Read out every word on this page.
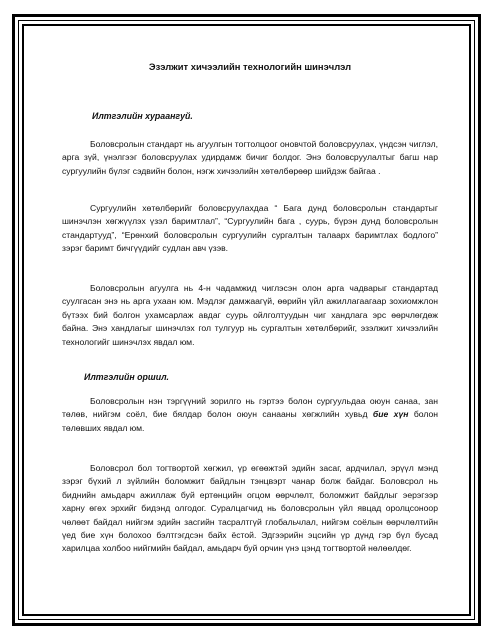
Эзэлжит хичээлийн технологийн шинэчлэл
Илтгэлийн хураангуй.

Боловсролын стандарт нь агуулгын тогтолцоог оновчтой боловсруулах, үндсэн чиглэл, арга зүй, үнэлгээг боловсруулах удирдамж бичиг болдог. Энэ боловсруулалтыг багш нар сургуулийн бүлэг сэдвийн болон, нэгж хичээлийн хөтөлбөрөөр шийдэж байгаа .

Сургуулийн хөтөлбөрийг боловсруулахдаа “ Бага дунд боловсролын стандартыг шинэчлэн хөгжүүлэх үзэл баримтлал”, “Сургуулийн бага , суурь, бүрэн дунд боловсролын стандартууд”, “Ерөнхий боловсролын сургуулийн сургалтын талаарх баримтлах бодлого” зэрэг баримт бичгүүдийг судлан авч үзэв.

Боловсролын агуулга нь 4-н чадамжид чиглэсэн олон арга чадварыг стандартад суулгасан энэ нь арга ухаан юм. Мэдлэг дамжаагүй, өөрийн үйл ажиллагаагаар зохиомжлон бүтээх бий болгон ухамсарлаж авдаг суурь ойлголтуудын чиг хандлага эрс өөрчлөгдөж байна. Энэ хандлагыг шинэчлэх гол тулгуур нь сургалтын хөтөлбөрийг, эзэлжит хичээлийн технологийг шинэчлэх явдал юм.

Илтгэлийн оршил.

Боловсролын нэн тэргүүний зорилго нь гэртээ болон сургуульдаа оюун санаа, зан төлөв, нийгэм соёл, бие бялдар болон оюун санааны хөгжлийн хувьд бие хүн болон төлөвших явдал юм.

Боловсрол бол тогтвортой хөгжил, үр өгөөжтэй эдийн засаг, ардчилал, эрүүл мэнд зэрэг бүхий л зүйлийн боломжит байдлын тэнцвэрт чанар болж байдаг. Боловсрол нь биднийн амьдарч ажиллаж буй ертөнцийн огцом өөрчлөлт, боломжит байдлыг эерэгээр харну өгөх эрхийг бидэнд олгодог. Суралцагчид нь боловсролын үйл явцад оролцсоноор чөлөөт байдал нийгэм эдийн засгийн тасралтгүй глобальчлал, нийгэм соёлын өөрчлөлтийн үед бие хүн болохоо бэлтгэгдсэн байх ёстой. Эдгээрийн эцсийн үр дүнд гэр бүл бусад харилцаа холбоо нийгмийн байдал, амьдарч буй орчин үнэ цэнд тогтвортой нөлөөлдөг.
